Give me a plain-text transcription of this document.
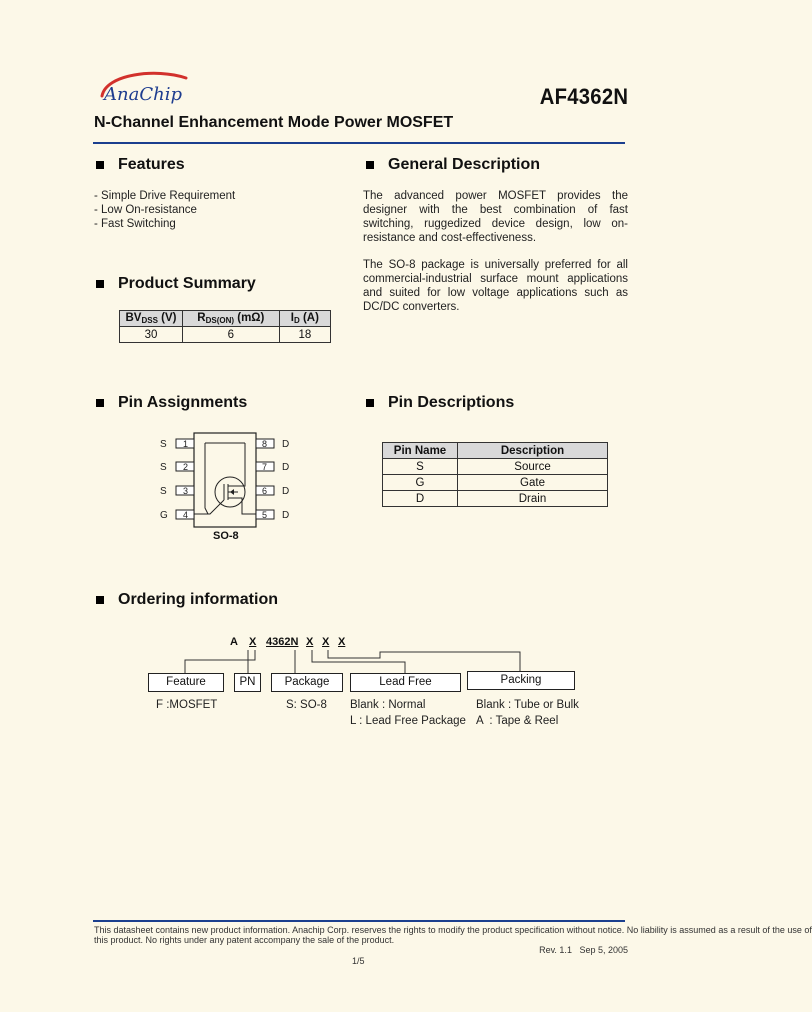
AnaChip	AF4362N
N-Channel Enhancement Mode Power MOSFET
Features
- Simple Drive Requirement
- Low On-resistance
- Fast Switching
General Description
The advanced power MOSFET provides the designer with the best combination of fast switching, ruggedized device design, low on-resistance and cost-effectiveness.
The SO-8 package is universally preferred for all commercial-industrial surface mount applications and suited for low voltage applications such as DC/DC converters.
Product Summary
$BV_{DSS}$ (V)	$R_{DS(ON)}$ (mΩ)	$I_D$ (A)
30	6	18
Pin Assignments
S
S
S
G
1
2
3
4
8
7
6
5
D
D
D
D
SO-8
Pin Descriptions
Pin Name	Description
S	Source
G	Gate
D	Drain
Ordering information
A X 4362N X X X
Feature	PN	Package	Lead Free	Packing
F :MOSFET	S: SO-8 Blank : Normal
L : Lead Free Package
Blank : Tube or Bulk
A  : Tape & Reel
This datasheet contains new product information. Anachip Corp. reserves the rights to modify the product specification without notice. No liability is assumed as a result of the use of
this product. No rights under any patent accompany the sale of the product.
Rev. 1.1   Sep 5, 2005
1/5
